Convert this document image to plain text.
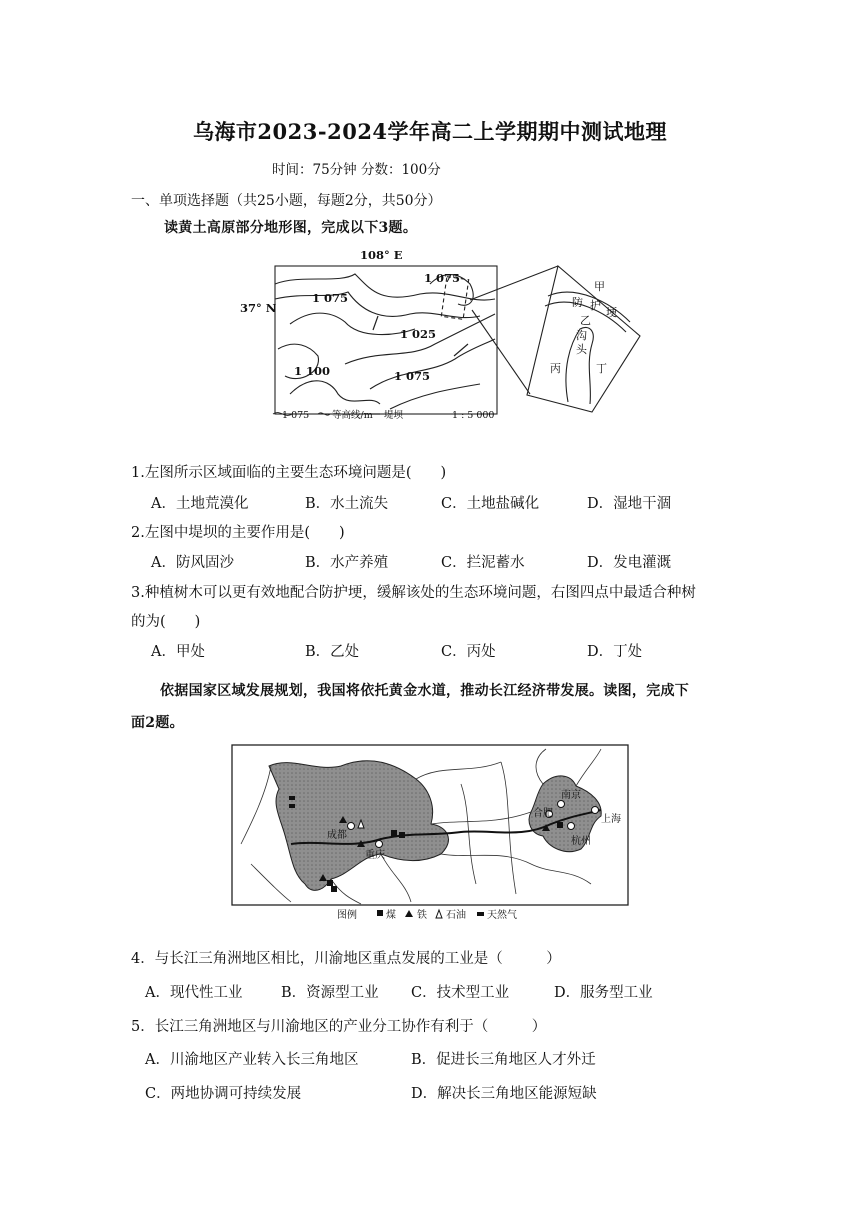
乌海市2023-2024学年高二上学期期中测试地理
时间：75分钟 分数：100分
一、单项选择题（共25小题，每题2分，共50分）
读黄土高原部分地形图，完成以下3题。
108° E
37° N
1 075
1 075
1 025
1 100	1 075
1 075 等高线/m 堤坝	1 : 5 000
甲
防 护
埂
乙
沟
头
丙	丁
1.左图所示区域面临的主要生态环境问题是(　　)
A．土地荒漠化	B．水土流失	C．土地盐碱化	D．湿地干涸
2.左图中堤坝的主要作用是(　　)
A．防风固沙	B．水产养殖	C．拦泥蓄水	D．发电灌溉
3.种植树木可以更有效地配合防护埂，缓解该处的生态环境问题，右图四点中最适合种树
的为(　　)
A．甲处	B．乙处	C．丙处	D．丁处
依据国家区域发展规划，我国将依托黄金水道，推动长江经济带发展。读图，完成下
面2题。
成都
重庆
南京
上海
杭州
合肥
图例	煤 铁 石油 天然气
4．与长江三角洲地区相比，川渝地区重点发展的工业是（　　　）
A．现代性工业	B．资源型工业 C．技术型工业	D．服务型工业
5．长江三角洲地区与川渝地区的产业分工协作有利于（　　　）
A．川渝地区产业转入长三角地区	B．促进长三角地区人才外迁
C．两地协调可持续发展	D．解决长三角地区能源短缺
